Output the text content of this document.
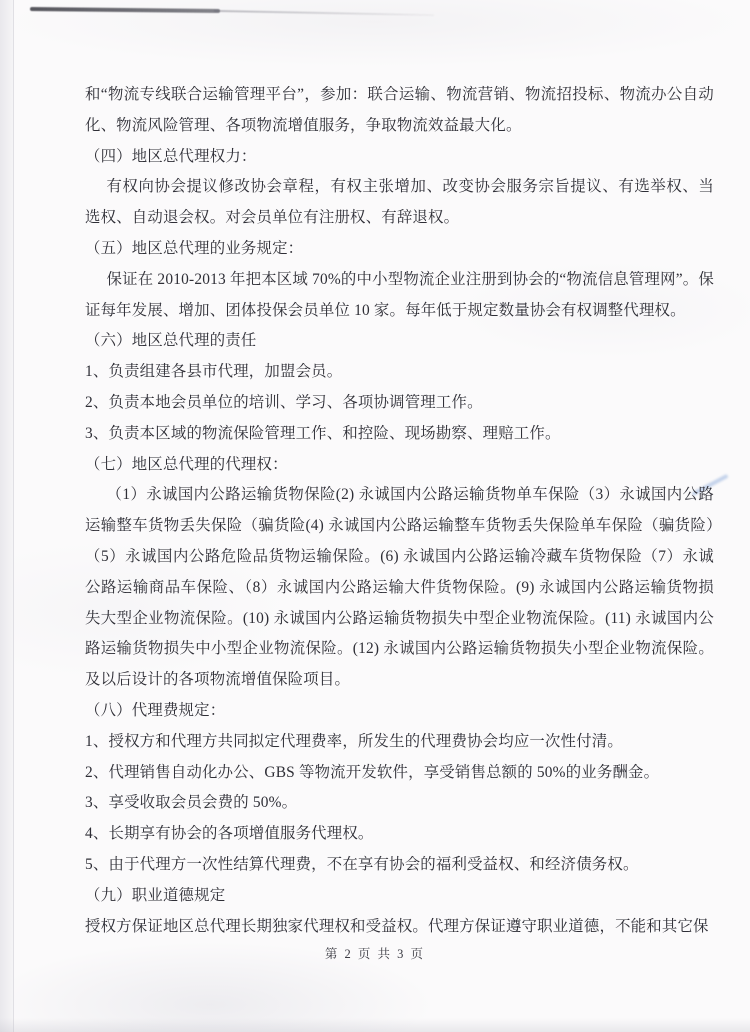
和“物流专线联合运输管理平台”，参加：联合运输、物流营销、物流招投标、物流办公自动化、物流风险管理、各项物流增值服务，争取物流效益最大化。

（四）地区总代理权力：

有权向协会提议修改协会章程，有权主张增加、改变协会服务宗旨提议、有选举权、当选权、自动退会权。对会员单位有注册权、有辞退权。

（五）地区总代理的业务规定：

保证在 2010-2013 年把本区域 70%的中小型物流企业注册到协会的“物流信息管理网”。保证每年发展、增加、团体投保会员单位 10 家。每年低于规定数量协会有权调整代理权。

（六）地区总代理的责任

1、负责组建各县市代理，加盟会员。

2、负责本地会员单位的培训、学习、各项协调管理工作。

3、负责本区域的物流保险管理工作、和控险、现场勘察、理赔工作。

（七）地区总代理的代理权：

（1）永诚国内公路运输货物保险(2) 永诚国内公路运输货物单车保险（3）永诚国内公路运输整车货物丢失保险（骗货险(4) 永诚国内公路运输整车货物丢失保险单车保险（骗货险）（5）永诚国内公路危险品货物运输保险。(6) 永诚国内公路运输冷藏车货物保险（7）永诚公路运输商品车保险、（8）永诚国内公路运输大件货物保险。(9) 永诚国内公路运输货物损失大型企业物流保险。(10) 永诚国内公路运输货物损失中型企业物流保险。(11) 永诚国内公路运输货物损失中小型企业物流保险。(12) 永诚国内公路运输货物损失小型企业物流保险。及以后设计的各项物流增值保险项目。

（八）代理费规定：

1、授权方和代理方共同拟定代理费率，所发生的代理费协会均应一次性付清。

2、代理销售自动化办公、GBS 等物流开发软件，享受销售总额的 50%的业务酬金。

3、享受收取会员会费的 50%。

4、长期享有协会的各项增值服务代理权。

5、由于代理方一次性结算代理费，不在享有协会的福利受益权、和经济债务权。

（九）职业道德规定

授权方保证地区总代理长期独家代理权和受益权。代理方保证遵守职业道德，不能和其它保

第 2 页 共 3 页
